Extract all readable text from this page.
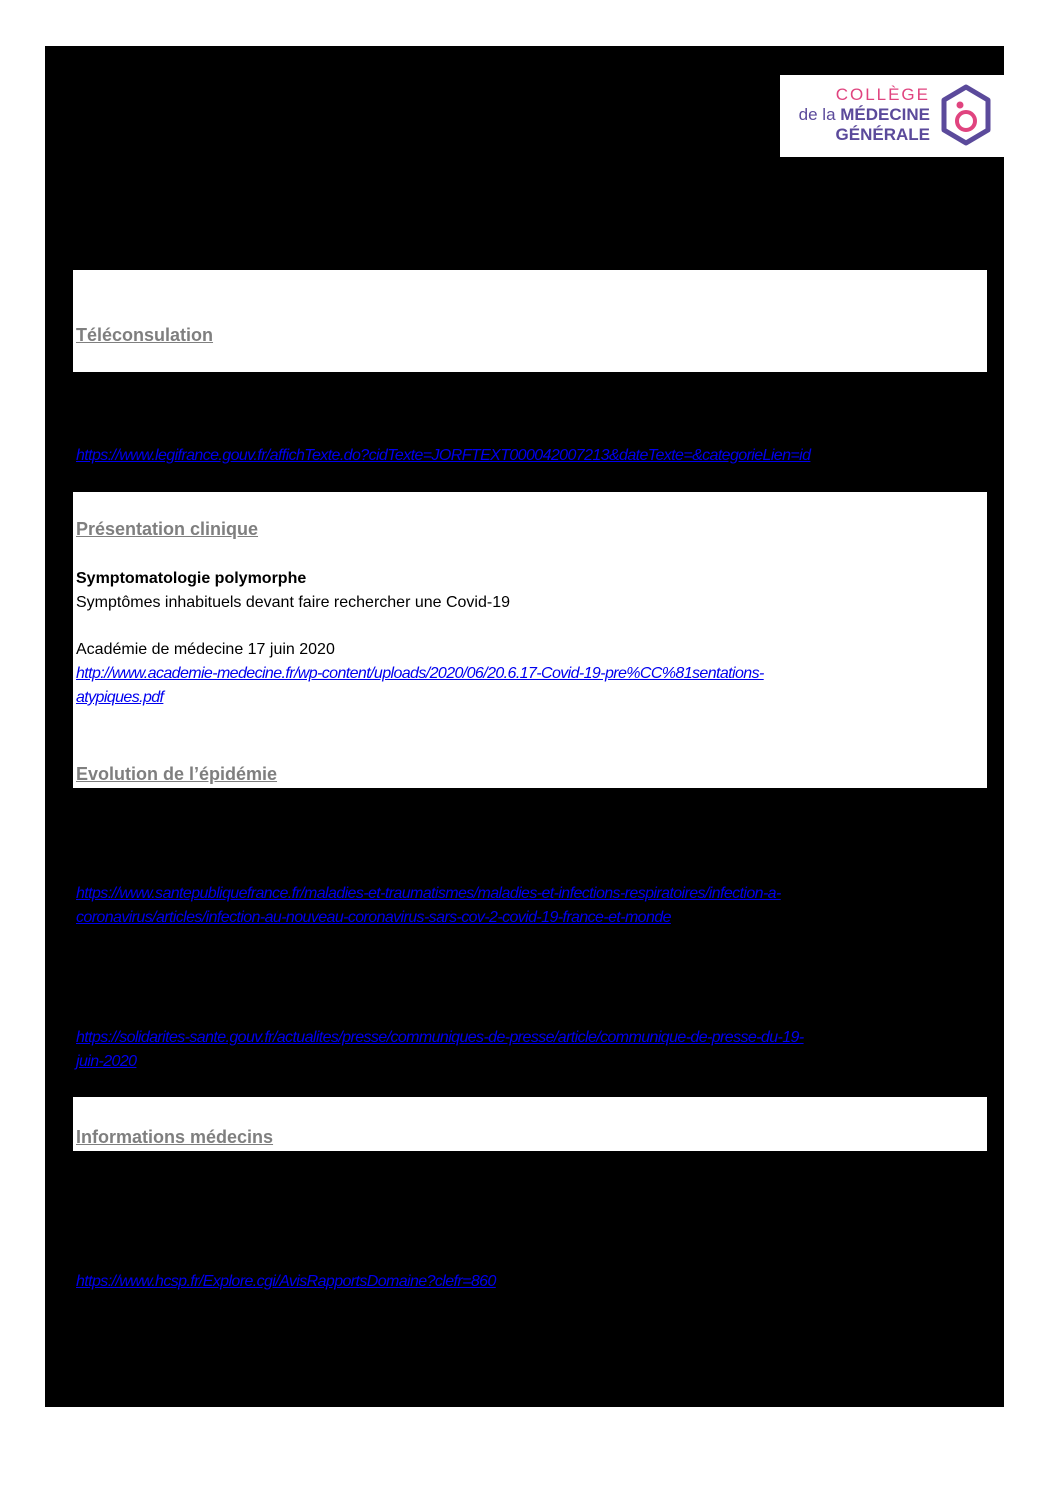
COLLÈGE
de la MÉDECINE
GÉNÉRALE
Téléconsulation
https://www.legifrance.gouv.fr/affichTexte.do?cidTexte=JORFTEXT000042007213&dateTexte=&categorieLien=id
Présentation clinique
Symptomatologie polymorphe
Symptômes inhabituels devant faire rechercher une Covid-19
Académie de médecine 17 juin 2020
http://www.academie-medecine.fr/wp-content/uploads/2020/06/20.6.17-Covid-19-pre%CC%81sentations-
atypiques.pdf
Evolution de l’épidémie
https://www.santepubliquefrance.fr/maladies-et-traumatismes/maladies-et-infections-respiratoires/infection-a-
coronavirus/articles/infection-au-nouveau-coronavirus-sars-cov-2-covid-19-france-et-monde
https://solidarites-sante.gouv.fr/actualites/presse/communiques-de-presse/article/communique-de-presse-du-19-
juin-2020
Informations médecins
https://www.hcsp.fr/Explore.cgi/AvisRapportsDomaine?clefr=860
